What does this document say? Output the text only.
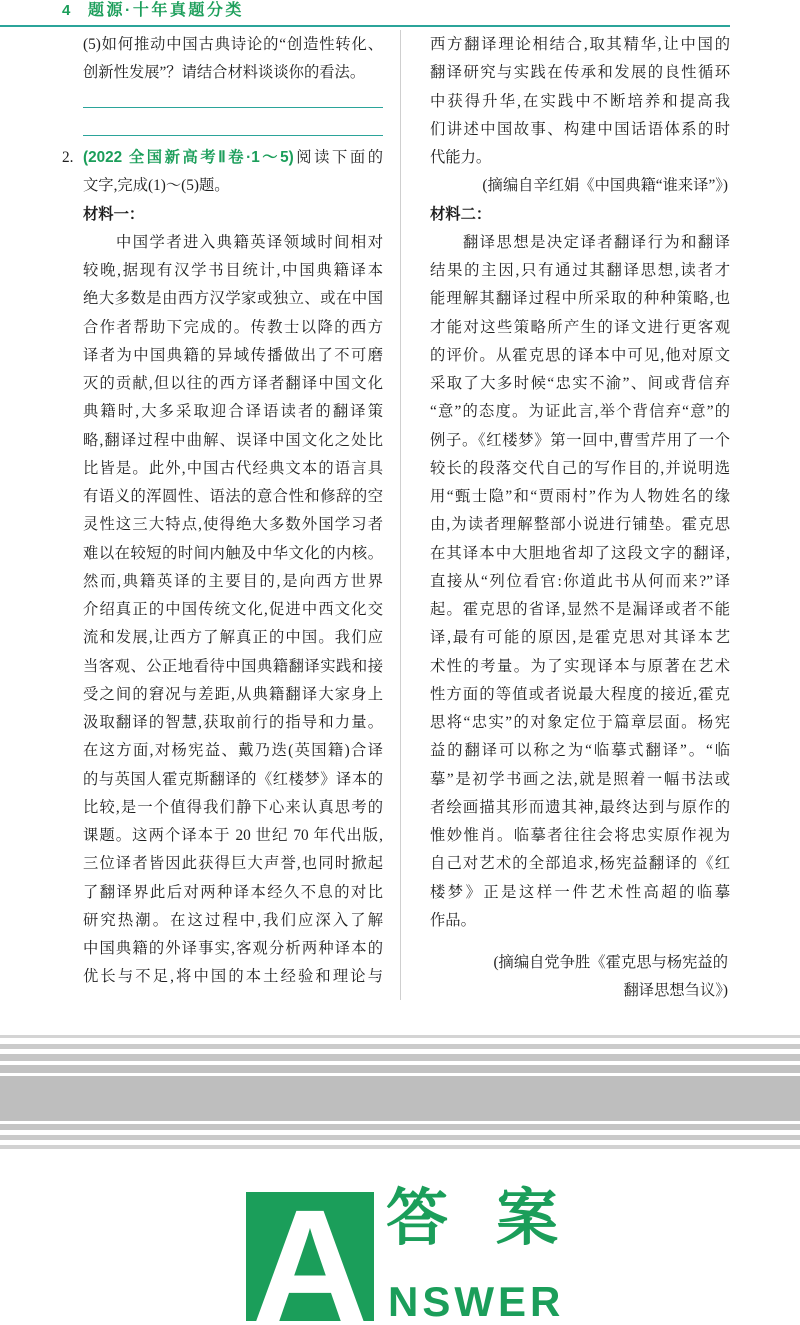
4 题源·十年真题分类
(5)如何推动中国古典诗论的“创造性转化、
创新性发展”？请结合材料谈谈你的看法。
2. (2022 全国新高考Ⅱ卷·1～5)阅读下面的
文字,完成(1)～(5)题。
材料一：
中国学者进入典籍英译领域时间相对
较晚,据现有汉学书目统计,中国典籍译本
绝大多数是由西方汉学家或独立、或在中国
合作者帮助下完成的。传教士以降的西方
译者为中国典籍的异域传播做出了不可磨
灭的贡献,但以往的西方译者翻译中国文化
典籍时,大多采取迎合译语读者的翻译策
略,翻译过程中曲解、误译中国文化之处比
比皆是。此外,中国古代经典文本的语言具
有语义的浑圆性、语法的意合性和修辞的空
灵性这三大特点,使得绝大多数外国学习者
难以在较短的时间内触及中华文化的内核。
然而,典籍英译的主要目的,是向西方世界
介绍真正的中国传统文化,促进中西文化交
流和发展,让西方了解真正的中国。我们应
当客观、公正地看待中国典籍翻译实践和接
受之间的窘况与差距,从典籍翻译大家身上
汲取翻译的智慧,获取前行的指导和力量。
在这方面,对杨宪益、戴乃迭(英国籍)合译
的与英国人霍克斯翻译的《红楼梦》译本的
比较,是一个值得我们静下心来认真思考的
课题。这两个译本于 20 世纪 70 年代出版,
三位译者皆因此获得巨大声誉,也同时掀起
了翻译界此后对两种译本经久不息的对比
研究热潮。在这过程中,我们应深入了解
中国典籍的外译事实,客观分析两种译本的
优长与不足,将中国的本土经验和理论与
西方翻译理论相结合,取其精华,让中国的
翻译研究与实践在传承和发展的良性循环
中获得升华,在实践中不断培养和提高我
们讲述中国故事、构建中国话语体系的时
代能力。
(摘编自辛红娟《中国典籍“谁来译”》)
材料二：
翻译思想是决定译者翻译行为和翻译
结果的主因,只有通过其翻译思想,读者才
能理解其翻译过程中所采取的种种策略,也
才能对这些策略所产生的译文进行更客观
的评价。从霍克思的译本中可见,他对原文
采取了大多时候“忠实不渝”、间或背信弃
“意”的态度。为证此言,举个背信弃“意”的
例子。《红楼梦》第一回中,曹雪芹用了一个
较长的段落交代自己的写作目的,并说明选
用“甄士隐”和“贾雨村”作为人物姓名的缘
由,为读者理解整部小说进行铺垫。霍克思
在其译本中大胆地省却了这段文字的翻译,
直接从“列位看官:你道此书从何而来?”译
起。霍克思的省译,显然不是漏译或者不能
译,最有可能的原因,是霍克思对其译本艺
术性的考量。为了实现译本与原著在艺术
性方面的等值或者说最大程度的接近,霍克
思将“忠实”的对象定位于篇章层面。杨宪
益的翻译可以称之为“临摹式翻译”。“临
摹”是初学书画之法,就是照着一幅书法或
者绘画描其形而遗其神,最终达到与原作的
惟妙惟肖。临摹者往往会将忠实原作视为
自己对艺术的全部追求,杨宪益翻译的《红
楼梦》正是这样一件艺术性高超的临摹
作品。
(摘编自党争胜《霍克思与杨宪益的
翻译思想刍议》)
A 答案
NSWER
